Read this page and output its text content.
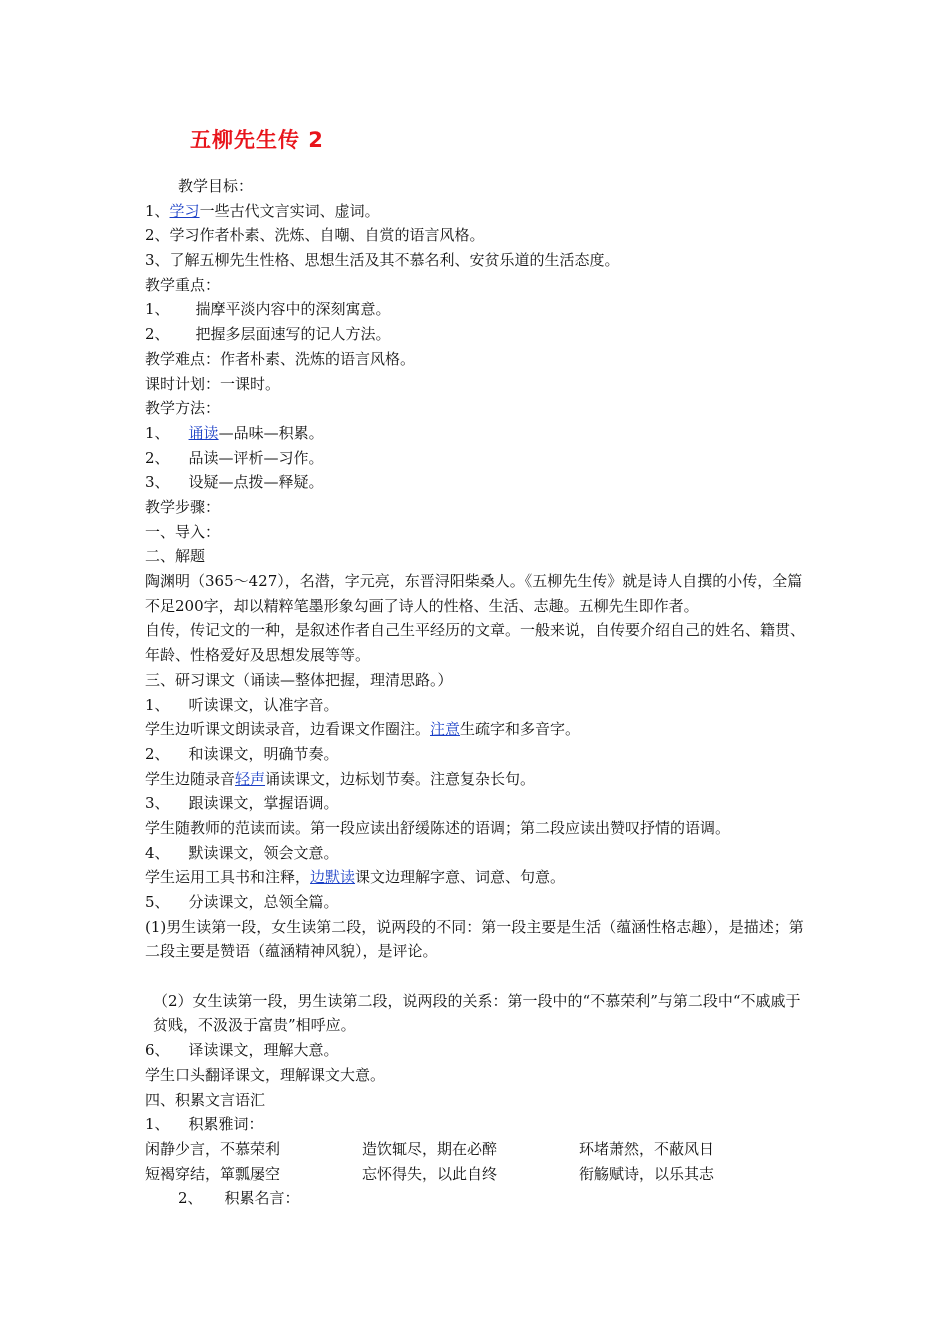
五柳先生传 2
教学目标：
1、学习一些古代文言实词、虚词。
2、学习作者朴素、洗炼、自嘲、自赏的语言风格。
3、了解五柳先生性格、思想生活及其不慕名利、安贫乐道的生活态度。
教学重点：
1、 揣摩平淡内容中的深刻寓意。
2、 把握多层面速写的记人方法。
教学难点：作者朴素、洗炼的语言风格。
课时计划：一课时。
教学方法：
1、 诵读—品味—积累。
2、 品读—评析—习作。
3、 设疑—点拨—释疑。
教学步骤：
一、导入：
二、解题
陶渊明（365～427），名潜，字元亮，东晋浔阳柴桑人。《五柳先生传》就是诗人自撰的小传，全篇不足200字，却以精粹笔墨形象勾画了诗人的性格、生活、志趣。五柳先生即作者。
自传，传记文的一种，是叙述作者自己生平经历的文章。一般来说，自传要介绍自己的姓名、籍贯、年龄、性格爱好及思想发展等等。
三、研习课文（诵读—整体把握，理清思路。）
1、 听读课文，认准字音。
学生边听课文朗读录音，边看课文作圈注。注意生疏字和多音字。
2、 和读课文，明确节奏。
学生边随录音轻声诵读课文，边标划节奏。注意复杂长句。
3、 跟读课文，掌握语调。
学生随教师的范读而读。第一段应读出舒缓陈述的语调；第二段应读出赞叹抒情的语调。
4、 默读课文，领会文意。
学生运用工具书和注释，边默读课文边理解字意、词意、句意。
5、 分读课文，总领全篇。
(1)男生读第一段，女生读第二段，说两段的不同：第一段主要是生活（蕴涵性格志趣），是描述；第二段主要是赞语（蕴涵精神风貌），是评论。
（2）女生读第一段，男生读第二段，说两段的关系：第一段中的“不慕荣利”与第二段中“不戚戚于贫贱，不汲汲于富贵”相呼应。
6、 译读课文，理解大意。
学生口头翻译课文，理解课文大意。
四、积累文言语汇
1、 积累雅词：
闲静少言，不慕荣利	造饮辄尽，期在必醉	环堵萧然，不蔽风日
短褐穿结，箪瓢屡空	忘怀得失，以此自终	衔觞赋诗，以乐其志
2、 积累名言：
